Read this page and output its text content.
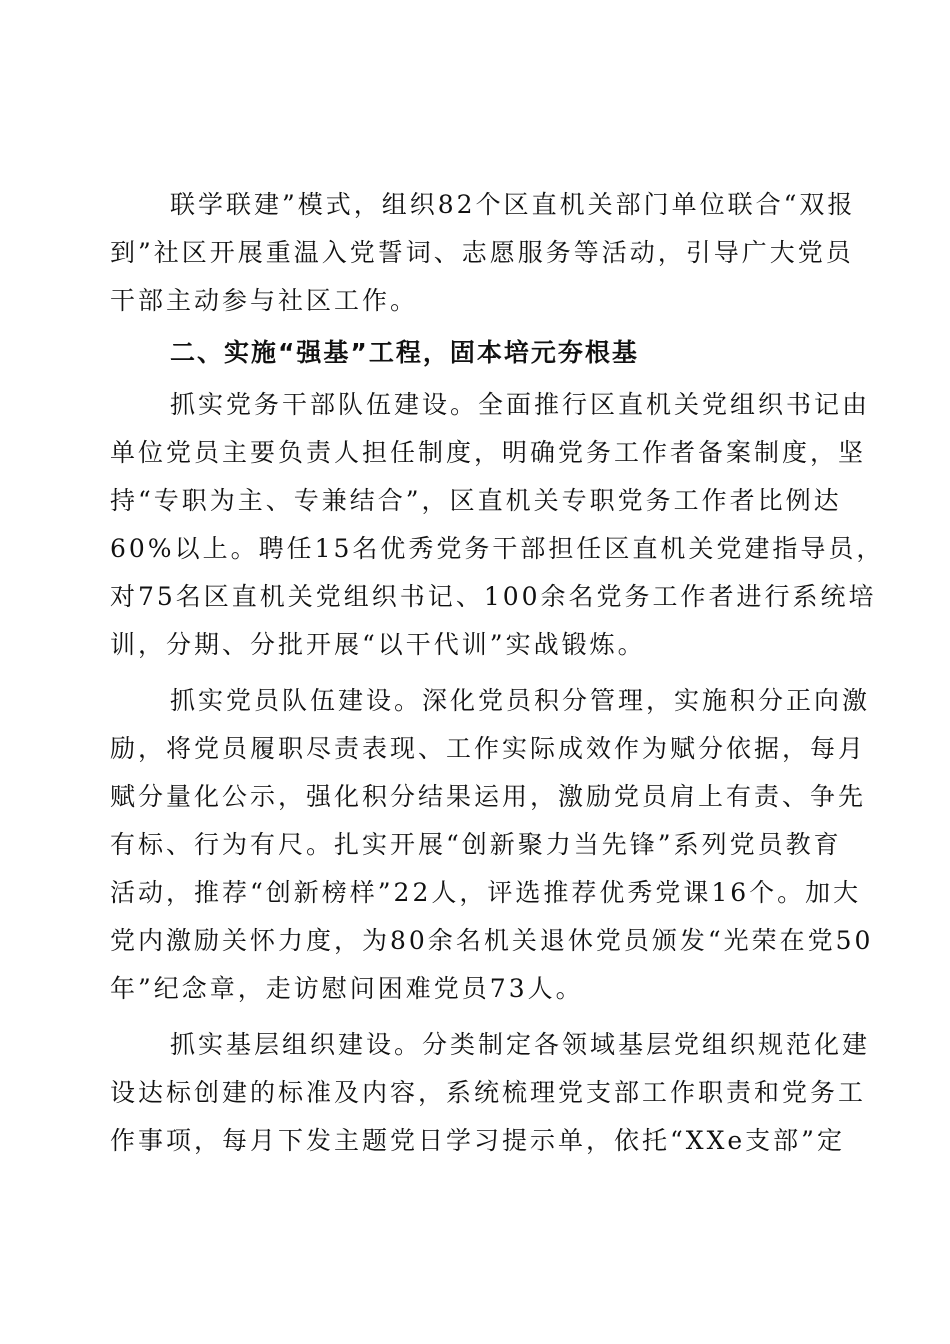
联学联建”模式，组织82个区直机关部门单位联合“双报
到”社区开展重温入党誓词、志愿服务等活动，引导广大党员
干部主动参与社区工作。
二、实施“强基”工程，固本培元夯根基
抓实党务干部队伍建设。全面推行区直机关党组织书记由
单位党员主要负责人担任制度，明确党务工作者备案制度，坚
持“专职为主、专兼结合”，区直机关专职党务工作者比例达
60%以上。聘任15名优秀党务干部担任区直机关党建指导员，
对75名区直机关党组织书记、100余名党务工作者进行系统培
训，分期、分批开展“以干代训”实战锻炼。
抓实党员队伍建设。深化党员积分管理，实施积分正向激
励，将党员履职尽责表现、工作实际成效作为赋分依据，每月
赋分量化公示，强化积分结果运用，激励党员肩上有责、争先
有标、行为有尺。扎实开展“创新聚力当先锋”系列党员教育
活动，推荐“创新榜样”22人，评选推荐优秀党课16个。加大
党内激励关怀力度，为80余名机关退休党员颁发“光荣在党50
年”纪念章，走访慰问困难党员73人。
抓实基层组织建设。分类制定各领域基层党组织规范化建
设达标创建的标准及内容，系统梳理党支部工作职责和党务工
作事项，每月下发主题党日学习提示单，依托“XXe支部”定
